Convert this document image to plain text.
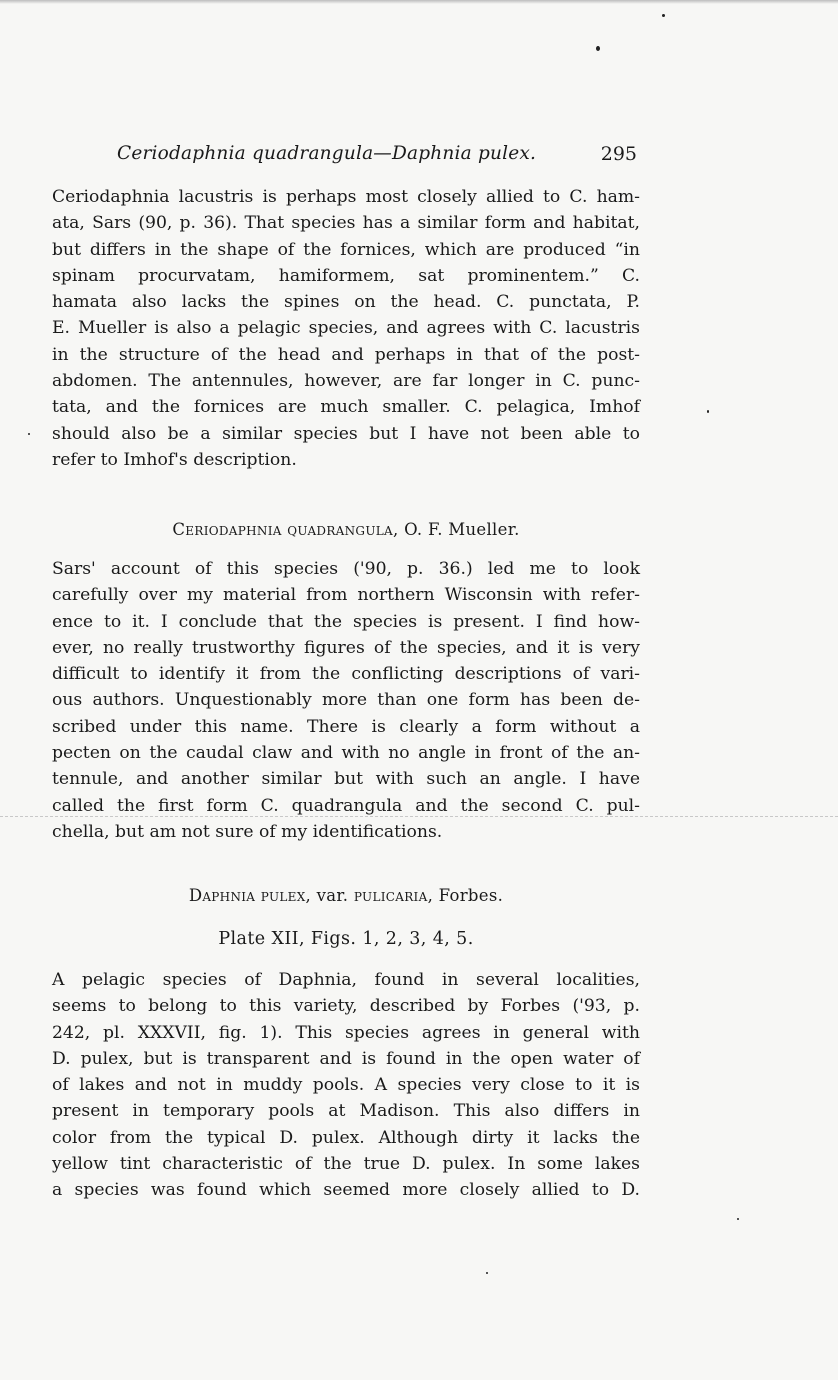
Ceriodaphnia quadrangula—Daphnia pulex.	295

Ceriodaphnia lacustris is perhaps most closely allied to C. ham-

ata, Sars (90, p. 36). That species has a similar form and habitat,

but differs in the shape of the fornices, which are produced “in

spinam procurvatam, hamiformem, sat prominentem.” C.

hamata also lacks the spines on the head. C. punctata, P.

E. Mueller is also a pelagic species, and agrees with C. lacustris

in the structure of the head and perhaps in that of the post-

abdomen. The antennules, however, are far longer in C. punc-

tata, and the fornices are much smaller. C. pelagica, Imhof

should also be a similar species but I have not been able to

refer to Imhof's description.

Ceriodaphnia quadrangula, O. F. Mueller.

Sars' account of this species ('90, p. 36.) led me to look

carefully over my material from northern Wisconsin with refer-

ence to it. I conclude that the species is present. I find how-

ever, no really trustworthy figures of the species, and it is very

difficult to identify it from the conflicting descriptions of vari-

ous authors. Unquestionably more than one form has been de-

scribed under this name. There is clearly a form without a

pecten on the caudal claw and with no angle in front of the an-

tennule, and another similar but with such an angle. I have

called the first form C. quadrangula and the second C. pul-

chella, but am not sure of my identifications.

Daphnia pulex, var. pulicaria, Forbes.
Plate XII, Figs. 1, 2, 3, 4, 5.

A pelagic species of Daphnia, found in several localities,

seems to belong to this variety, described by Forbes ('93, p.

242, pl. XXXVII, fig. 1). This species agrees in general with

D. pulex, but is transparent and is found in the open water of

of lakes and not in muddy pools. A species very close to it is

present in temporary pools at Madison. This also differs in

color from the typical D. pulex. Although dirty it lacks the

yellow tint characteristic of the true D. pulex. In some lakes

a species was found which seemed more closely allied to D.
